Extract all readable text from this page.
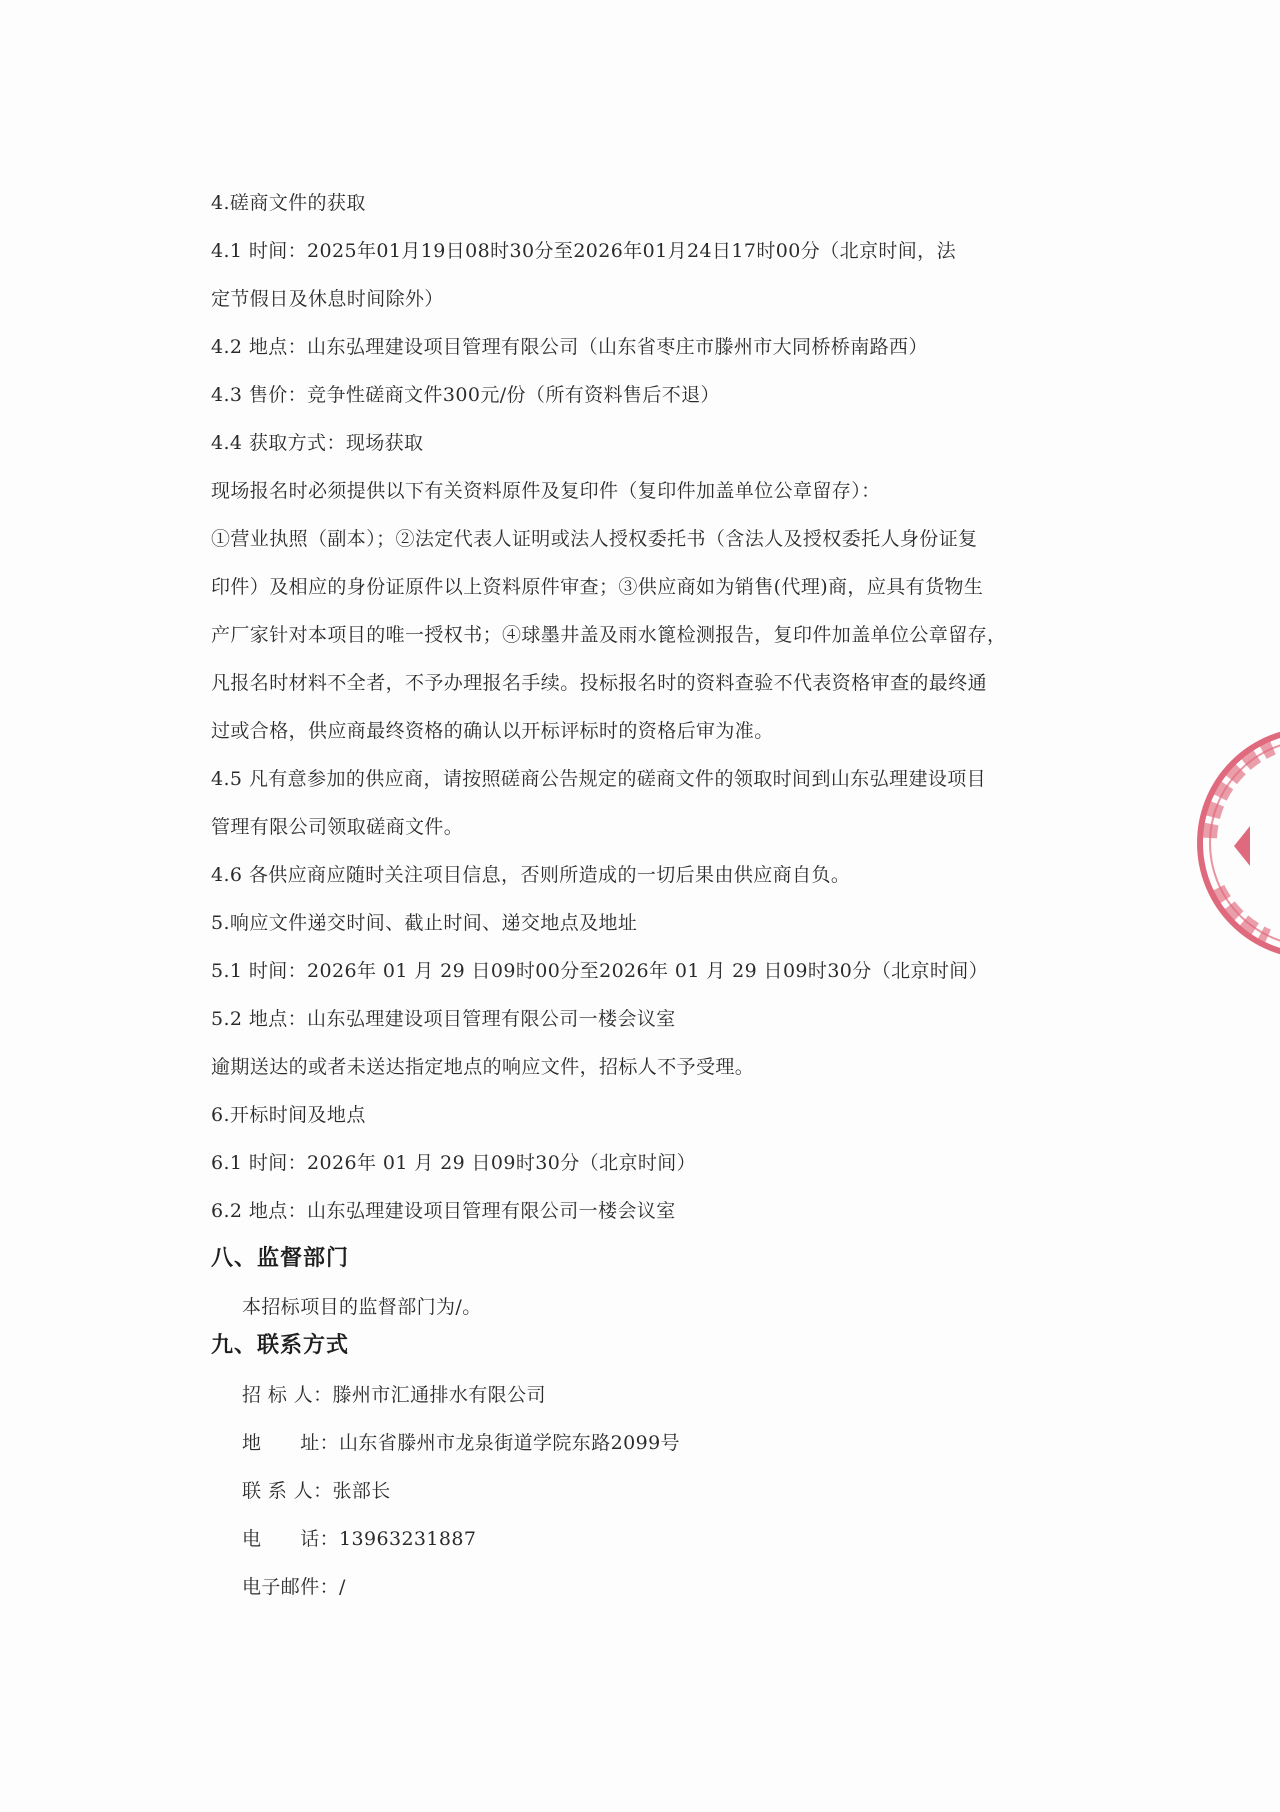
4.磋商文件的获取
4.1 时间：2025年01月19日08时30分至2026年01月24日17时00分（北京时间，法
定节假日及休息时间除外）
4.2 地点：山东弘理建设项目管理有限公司（山东省枣庄市滕州市大同桥桥南路西）
4.3 售价：竞争性磋商文件300元/份（所有资料售后不退）
4.4 获取方式：现场获取
现场报名时必须提供以下有关资料原件及复印件（复印件加盖单位公章留存）：
①营业执照（副本）；②法定代表人证明或法人授权委托书（含法人及授权委托人身份证复
印件）及相应的身份证原件以上资料原件审查；③供应商如为销售(代理)商，应具有货物生
产厂家针对本项目的唯一授权书；④球墨井盖及雨水篦检测报告，复印件加盖单位公章留存，
凡报名时材料不全者，不予办理报名手续。投标报名时的资料查验不代表资格审查的最终通
过或合格，供应商最终资格的确认以开标评标时的资格后审为准。
4.5 凡有意参加的供应商，请按照磋商公告规定的磋商文件的领取时间到山东弘理建设项目
管理有限公司领取磋商文件。
4.6 各供应商应随时关注项目信息，否则所造成的一切后果由供应商自负。
5.响应文件递交时间、截止时间、递交地点及地址
5.1 时间：2026年 01 月 29 日09时00分至2026年 01 月 29 日09时30分（北京时间）
5.2 地点：山东弘理建设项目管理有限公司一楼会议室
逾期送达的或者未送达指定地点的响应文件，招标人不予受理。
6.开标时间及地点
6.1 时间：2026年 01 月 29 日09时30分（北京时间）
6.2 地点：山东弘理建设项目管理有限公司一楼会议室
八、监督部门
本招标项目的监督部门为/。
九、联系方式
招 标 人：滕州市汇通排水有限公司
地　　址：山东省滕州市龙泉街道学院东路2099号
联 系 人：张部长
电　　话：13963231887
电子邮件：/
